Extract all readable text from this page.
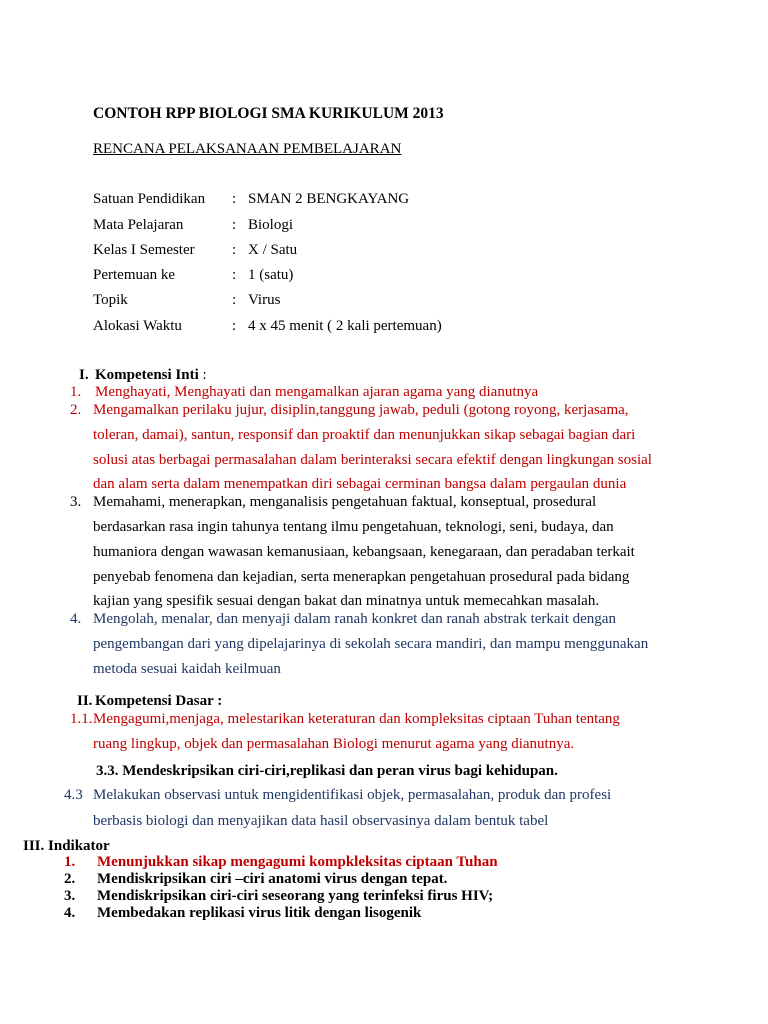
CONTOH RPP BIOLOGI SMA KURIKULUM 2013
RENCANA PELAKSANAAN PEMBELAJARAN
Satuan Pendidikan : SMAN 2 BENGKAYANG
Mata Pelajaran	: Biologi
Kelas I Semester : X / Satu
Pertemuan ke	: 1 (satu)
Topik	: Virus
Alokasi Waktu	: 4 x 45 menit ( 2 kali pertemuan)
I. Kompetensi Inti :
1. Menghayati, Menghayati dan mengamalkan ajaran agama yang dianutnya
2. Mengamalkan perilaku jujur, disiplin,tanggung jawab, peduli (gotong royong, kerjasama,
toleran, damai), santun, responsif dan proaktif dan menunjukkan sikap sebagai bagian dari
solusi atas berbagai permasalahan dalam berinteraksi secara efektif dengan lingkungan sosial
dan alam serta dalam menempatkan diri sebagai cerminan bangsa dalam pergaulan dunia
3. Memahami, menerapkan, menganalisis pengetahuan faktual, konseptual, prosedural
berdasarkan rasa ingin tahunya tentang ilmu pengetahuan, teknologi, seni, budaya, dan
humaniora dengan wawasan kemanusiaan, kebangsaan, kenegaraan, dan peradaban terkait
penyebab fenomena dan kejadian, serta menerapkan pengetahuan prosedural pada bidang
kajian yang spesifik sesuai dengan bakat dan minatnya untuk memecahkan masalah.
4. Mengolah, menalar, dan menyaji dalam ranah konkret dan ranah abstrak terkait dengan
pengembangan dari yang dipelajarinya di sekolah secara mandiri, dan mampu menggunakan
metoda sesuai kaidah keilmuan
II. Kompetensi Dasar :
1.1. Mengagumi,menjaga, melestarikan keteraturan dan kompleksitas ciptaan Tuhan tentang
ruang lingkup, objek dan permasalahan Biologi menurut agama yang dianutnya.
3.3. Mendeskripsikan ciri-ciri,replikasi dan peran virus bagi kehidupan.
4.3 Melakukan observasi untuk mengidentifikasi objek, permasalahan, produk dan profesi
berbasis biologi dan menyajikan data hasil observasinya dalam bentuk tabel
III. Indikator
1. Menunjukkan sikap mengagumi kompkleksitas ciptaan Tuhan
2. Mendiskripsikan ciri –ciri anatomi virus dengan tepat.
3. Mendiskripsikan ciri-ciri seseorang yang terinfeksi firus HIV;
4. Membedakan replikasi virus litik dengan lisogenik
